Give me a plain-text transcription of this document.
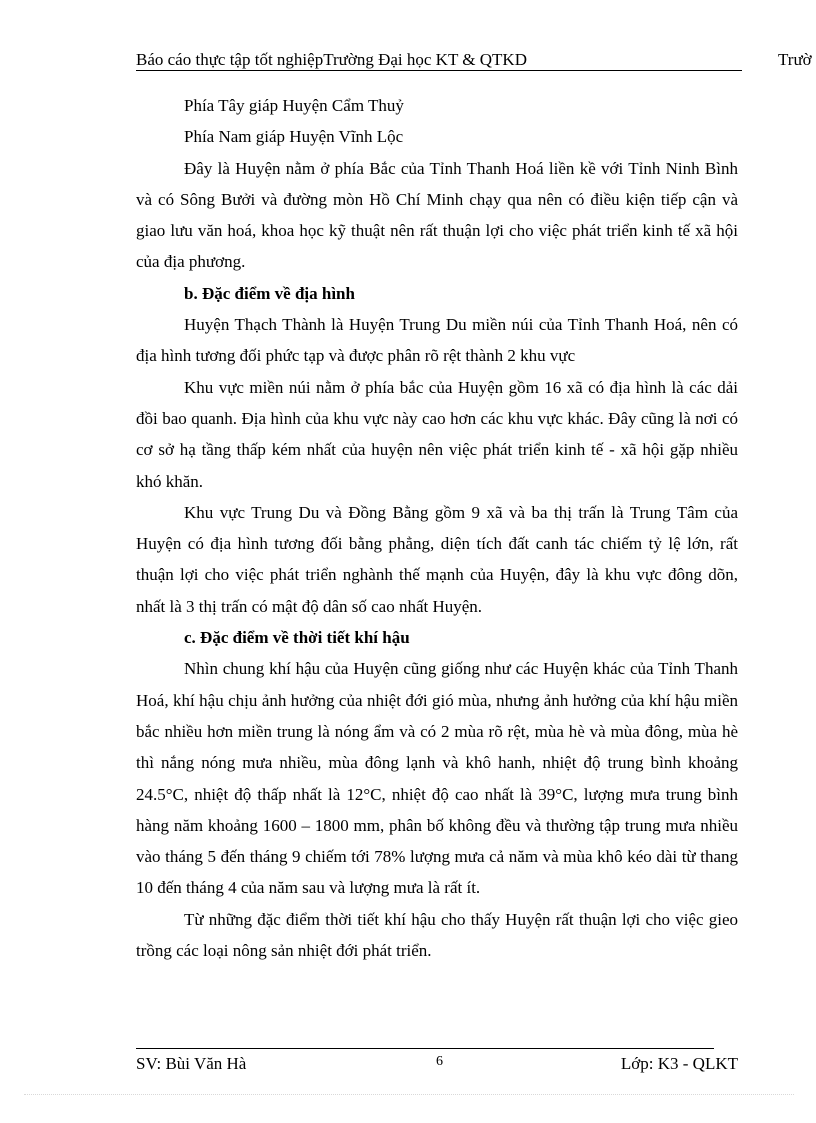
Báo cáo thực tập tốt nghiệpTrường Đại học KT & QTKD	Trườ

Phía Tây giáp Huyện Cẩm Thuỷ

Phía Nam giáp Huyện Vĩnh Lộc

Đây là Huyện nằm ở phía Bắc của Tỉnh Thanh Hoá liền kề với Tỉnh Ninh Bình và có Sông Bưởi và đường mòn Hồ Chí Minh chạy qua nên có điều kiện tiếp cận và giao lưu văn hoá, khoa học kỹ thuật nên rất thuận lợi cho việc phát triển kinh tế xã hội của địa phương.

b. Đặc điểm về địa hình

Huyện Thạch Thành là Huyện Trung Du miền núi của Tỉnh Thanh Hoá, nên có địa hình tương đối phức tạp và được phân rõ rệt thành 2 khu vực

Khu vực miền núi nằm ở phía bắc của Huyện gồm 16 xã có địa hình là các dải đồi bao quanh. Địa hình của khu vực này cao hơn các khu vực khác. Đây cũng là nơi có cơ sở hạ tầng thấp kém nhất của huyện nên việc phát triển kinh tế - xã hội gặp nhiều khó khăn.

Khu vực Trung Du và Đồng Bằng gồm 9 xã và ba thị trấn là Trung Tâm của Huyện có địa hình tương đối bằng phẳng, diện tích đất canh tác chiếm tỷ lệ lớn, rất thuận lợi cho việc phát triển nghành thế mạnh của Huyện, đây là khu vực đông dõn, nhất là 3 thị trấn có mật độ dân số cao nhất Huyện.

c. Đặc điểm về thời tiết khí hậu

Nhìn chung khí hậu của Huyện cũng giống như các Huyện khác của Tỉnh Thanh Hoá, khí hậu chịu ảnh hưởng của nhiệt đới gió mùa, nhưng ảnh hưởng của khí hậu miền bắc nhiều hơn miền trung là nóng ẩm và có 2 mùa rõ rệt, mùa hè và mùa đông, mùa hè thì nắng nóng mưa nhiều, mùa đông lạnh và khô hanh, nhiệt độ trung bình khoảng 24.5°C, nhiệt độ thấp nhất là 12°C, nhiệt độ cao nhất là 39°C, lượng mưa trung bình hàng năm khoảng 1600 – 1800 mm, phân bố không đều và thường tập trung mưa nhiều vào tháng 5 đến tháng 9 chiếm tới 78% lượng mưa cả năm và mùa khô kéo dài từ thang 10 đến tháng 4 của năm sau và lượng mưa là rất ít.

Từ những đặc điểm thời tiết khí hậu cho thấy Huyện rất thuận lợi cho việc gieo trồng các loại nông sản nhiệt đới phát triển.

SV: Bùi Văn Hà	6	Lớp: K3 - QLKT
